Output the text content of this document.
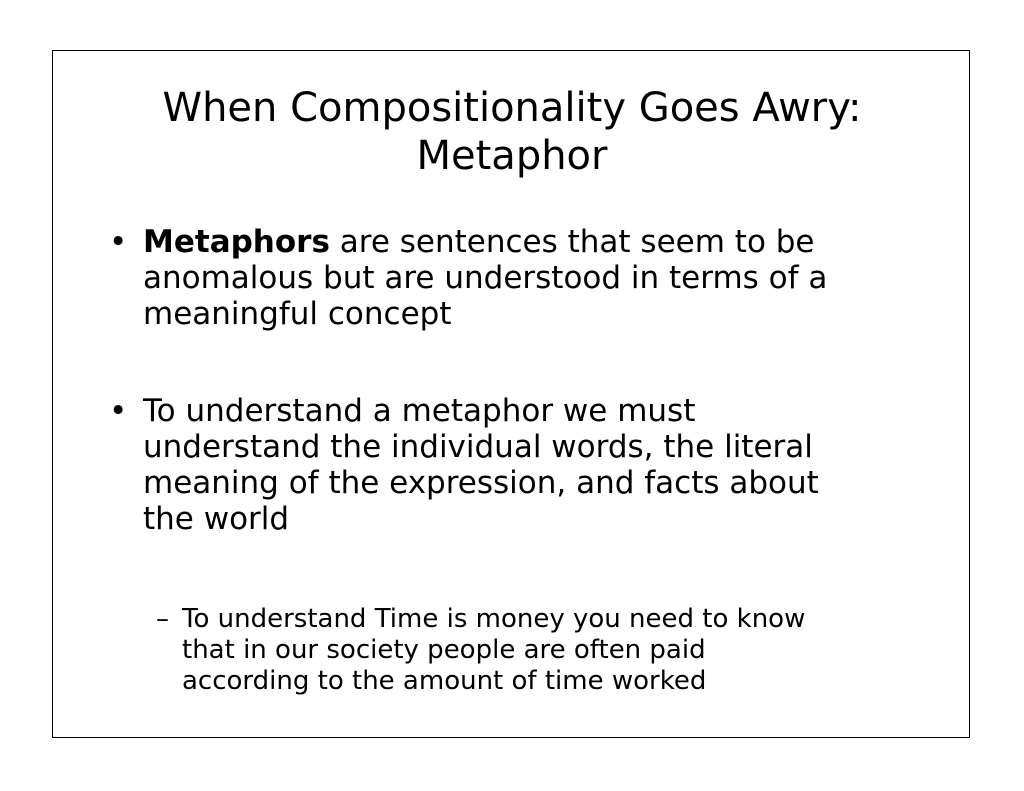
When Compositionality Goes Awry:
Metaphor
• Metaphors are sentences that seem to be
anomalous but are understood in terms of a
meaningful concept
• To understand a metaphor we must
understand the individual words, the literal
meaning of the expression, and facts about
the world
– To understand Time is money you need to know
that in our society people are often paid
according to the amount of time worked
